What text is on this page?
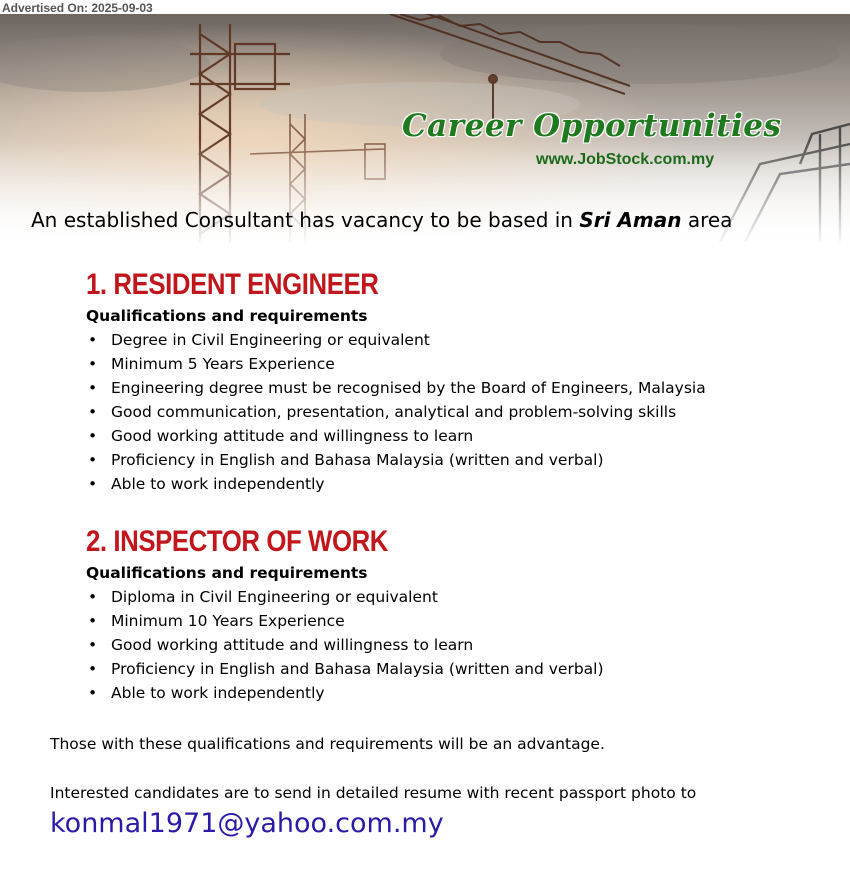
Advertised On: 2025-09-03
Career Opportunities
www.JobStock.com.my
An established Consultant has vacancy to be based in Sri Aman area
1. RESIDENT ENGINEER
Qualifications and requirements
• Degree in Civil Engineering or equivalent
• Minimum 5 Years Experience
• Engineering degree must be recognised by the Board of Engineers, Malaysia
• Good communication, presentation, analytical and problem-solving skills
• Good working attitude and willingness to learn
• Proficiency in English and Bahasa Malaysia (written and verbal)
• Able to work independently
2. INSPECTOR OF WORK
Qualifications and requirements
• Diploma in Civil Engineering or equivalent
• Minimum 10 Years Experience
• Good working attitude and willingness to learn
• Proficiency in English and Bahasa Malaysia (written and verbal)
• Able to work independently
Those with these qualifications and requirements will be an advantage.
Interested candidates are to send in detailed resume with recent passport photo to
konmal1971@yahoo.com.my
